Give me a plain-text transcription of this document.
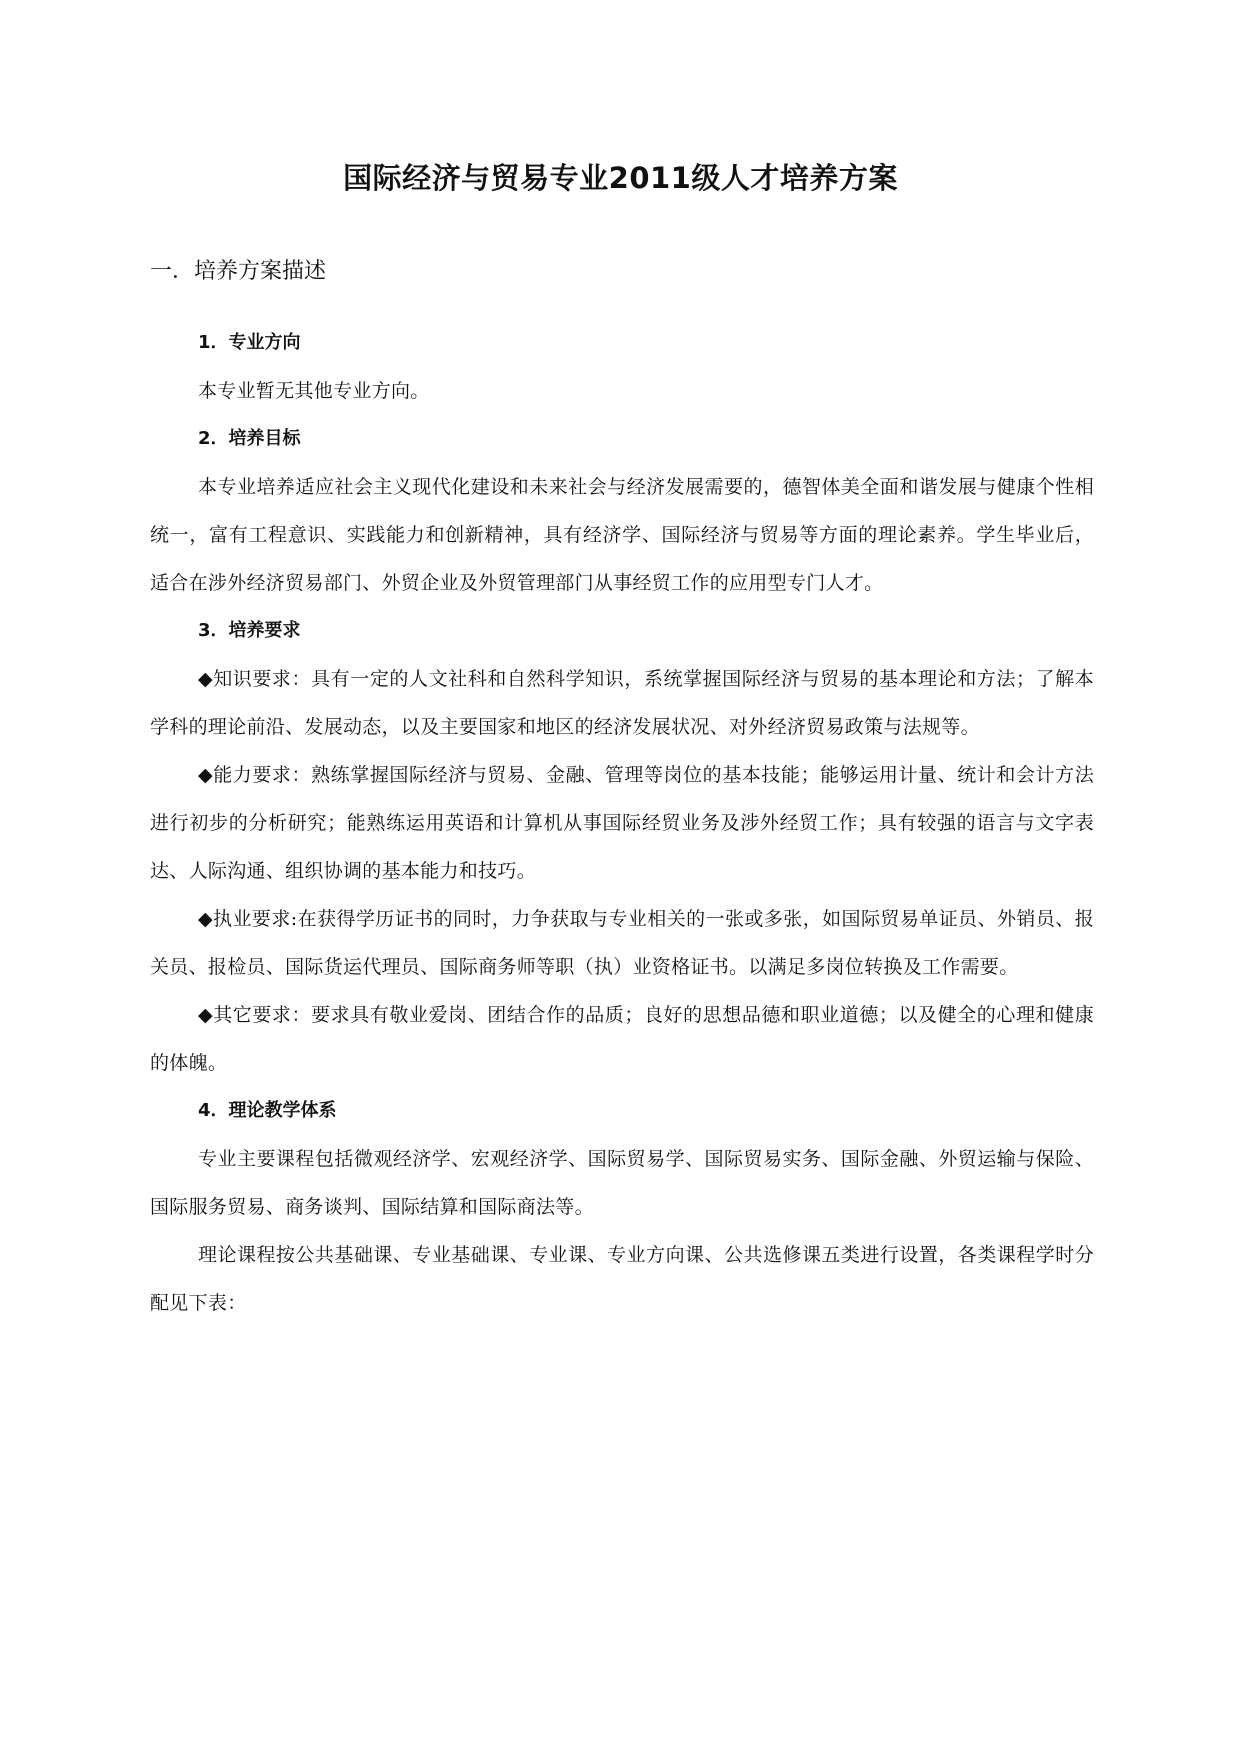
国际经济与贸易专业2011级人才培养方案
一．培养方案描述

1．专业方向

本专业暂无其他专业方向。

2．培养目标

本专业培养适应社会主义现代化建设和未来社会与经济发展需要的，德智体美全面和谐发展与健康个性相统一，富有工程意识、实践能力和创新精神，具有经济学、国际经济与贸易等方面的理论素养。学生毕业后，适合在涉外经济贸易部门、外贸企业及外贸管理部门从事经贸工作的应用型专门人才。

3．培养要求

◆知识要求：具有一定的人文社科和自然科学知识，系统掌握国际经济与贸易的基本理论和方法；了解本学科的理论前沿、发展动态，以及主要国家和地区的经济发展状况、对外经济贸易政策与法规等。

◆能力要求：熟练掌握国际经济与贸易、金融、管理等岗位的基本技能；能够运用计量、统计和会计方法进行初步的分析研究；能熟练运用英语和计算机从事国际经贸业务及涉外经贸工作；具有较强的语言与文字表达、人际沟通、组织协调的基本能力和技巧。

◆执业要求:在获得学历证书的同时，力争获取与专业相关的一张或多张，如国际贸易单证员、外销员、报关员、报检员、国际货运代理员、国际商务师等职（执）业资格证书。以满足多岗位转换及工作需要。

◆其它要求：要求具有敬业爱岗、团结合作的品质；良好的思想品德和职业道德；以及健全的心理和健康的体魄。

4．理论教学体系

专业主要课程包括微观经济学、宏观经济学、国际贸易学、国际贸易实务、国际金融、外贸运输与保险、国际服务贸易、商务谈判、国际结算和国际商法等。

理论课程按公共基础课、专业基础课、专业课、专业方向课、公共选修课五类进行设置，各类课程学时分配见下表：
